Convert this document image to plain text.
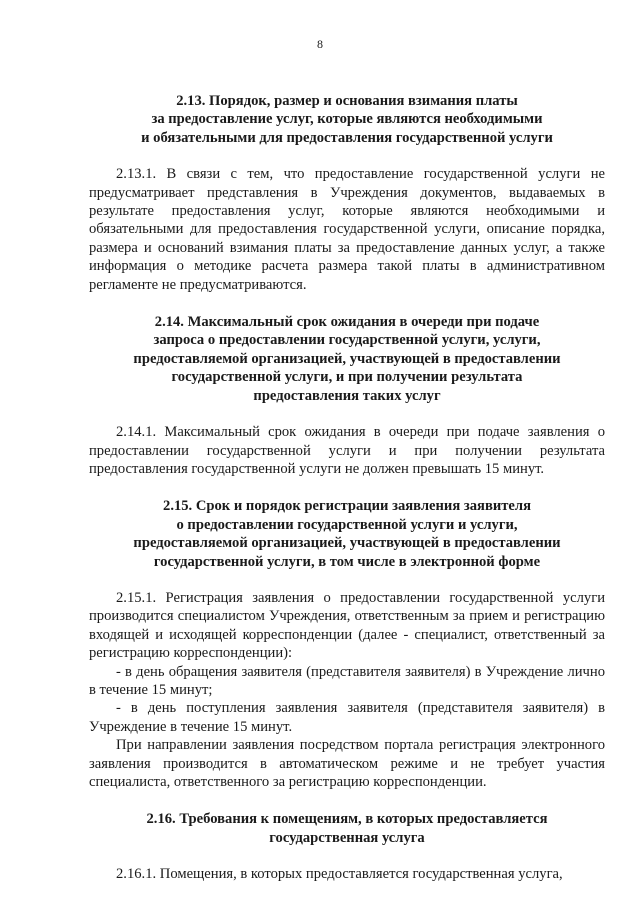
8
2.13. Порядок, размер и основания взимания платы
за предоставление услуг, которые являются необходимыми
и обязательными для предоставления государственной услуги

2.13.1. В связи с тем, что предоставление государственной услуги не предусматривает представления в Учреждения документов, выдаваемых в результате предоставления услуг, которые являются необходимыми и обязательными для предоставления государственной услуги, описание порядка, размера и оснований взимания платы за предоставление данных услуг, а также информация о методике расчета размера такой платы в административном регламенте не предусматриваются.

2.14. Максимальный срок ожидания в очереди при подаче
запроса о предоставлении государственной услуги, услуги,
предоставляемой организацией, участвующей в предоставлении
государственной услуги, и при получении результата
предоставления таких услуг

2.14.1. Максимальный срок ожидания в очереди при подаче заявления о предоставлении государственной услуги и при получении результата предоставления государственной услуги не должен превышать 15 минут.

2.15. Срок и порядок регистрации заявления заявителя
о предоставлении государственной услуги и услуги,
предоставляемой организацией, участвующей в предоставлении
государственной услуги, в том числе в электронной форме

2.15.1. Регистрация заявления о предоставлении государственной услуги производится специалистом Учреждения, ответственным за прием и регистрацию входящей и исходящей корреспонденции (далее - специалист, ответственный за регистрацию корреспонденции):

- в день обращения заявителя (представителя заявителя) в Учреждение лично в течение 15 минут;

- в день поступления заявления заявителя (представителя заявителя) в Учреждение в течение 15 минут.

При направлении заявления посредством портала регистрация электронного заявления производится в автоматическом режиме и не требует участия специалиста, ответственного за регистрацию корреспонденции.

2.16. Требования к помещениям, в которых предоставляется
государственная услуга

2.16.1. Помещения, в которых предоставляется государственная услуга,
